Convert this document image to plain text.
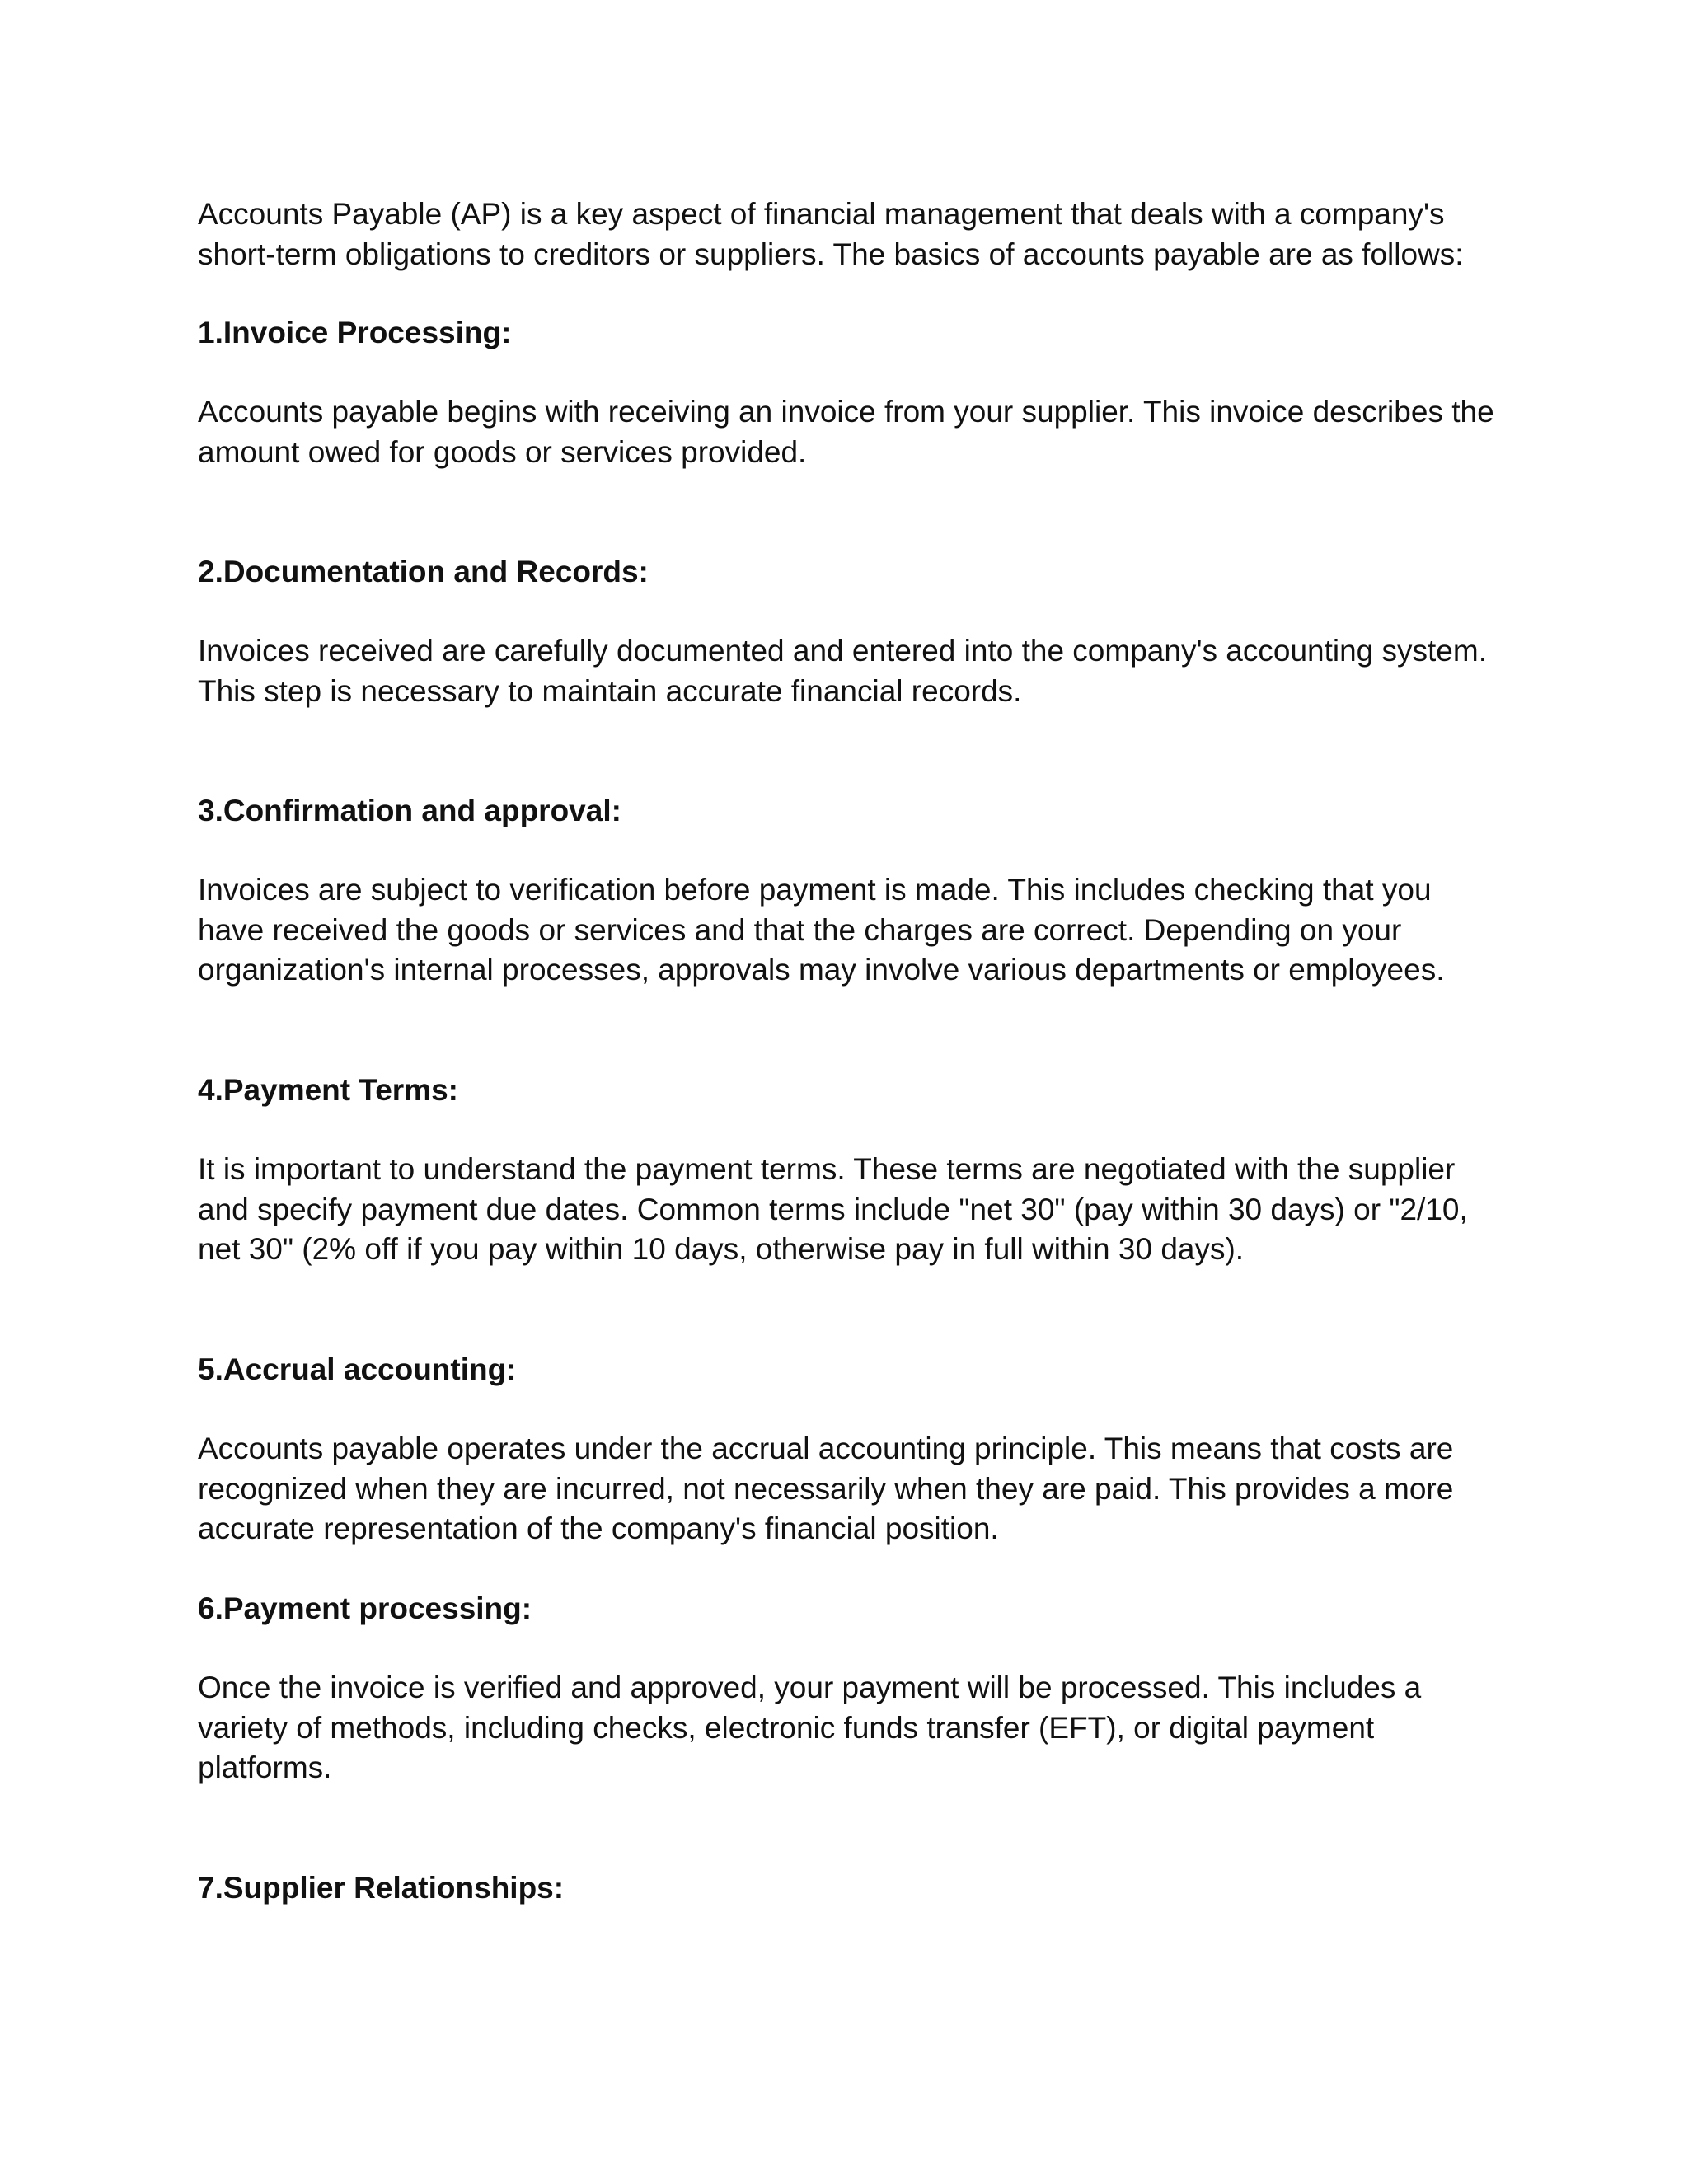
Accounts Payable (AP) is a key aspect of financial management that deals with a company's
short-term obligations to creditors or suppliers. The basics of accounts payable are as follows:

1.Invoice Processing:

Accounts payable begins with receiving an invoice from your supplier. This invoice describes the
amount owed for goods or services provided.

2.Documentation and Records:

Invoices received are carefully documented and entered into the company's accounting system.
This step is necessary to maintain accurate financial records.

3.Confirmation and approval:

Invoices are subject to verification before payment is made. This includes checking that you
have received the goods or services and that the charges are correct. Depending on your
organization's internal processes, approvals may involve various departments or employees.

4.Payment Terms:

It is important to understand the payment terms. These terms are negotiated with the supplier
and specify payment due dates. Common terms include "net 30" (pay within 30 days) or "2/10,
net 30" (2% off if you pay within 10 days, otherwise pay in full within 30 days).

5.Accrual accounting:

Accounts payable operates under the accrual accounting principle. This means that costs are
recognized when they are incurred, not necessarily when they are paid. This provides a more
accurate representation of the company's financial position.

6.Payment processing:

Once the invoice is verified and approved, your payment will be processed. This includes a
variety of methods, including checks, electronic funds transfer (EFT), or digital payment
platforms.

7.Supplier Relationships:
